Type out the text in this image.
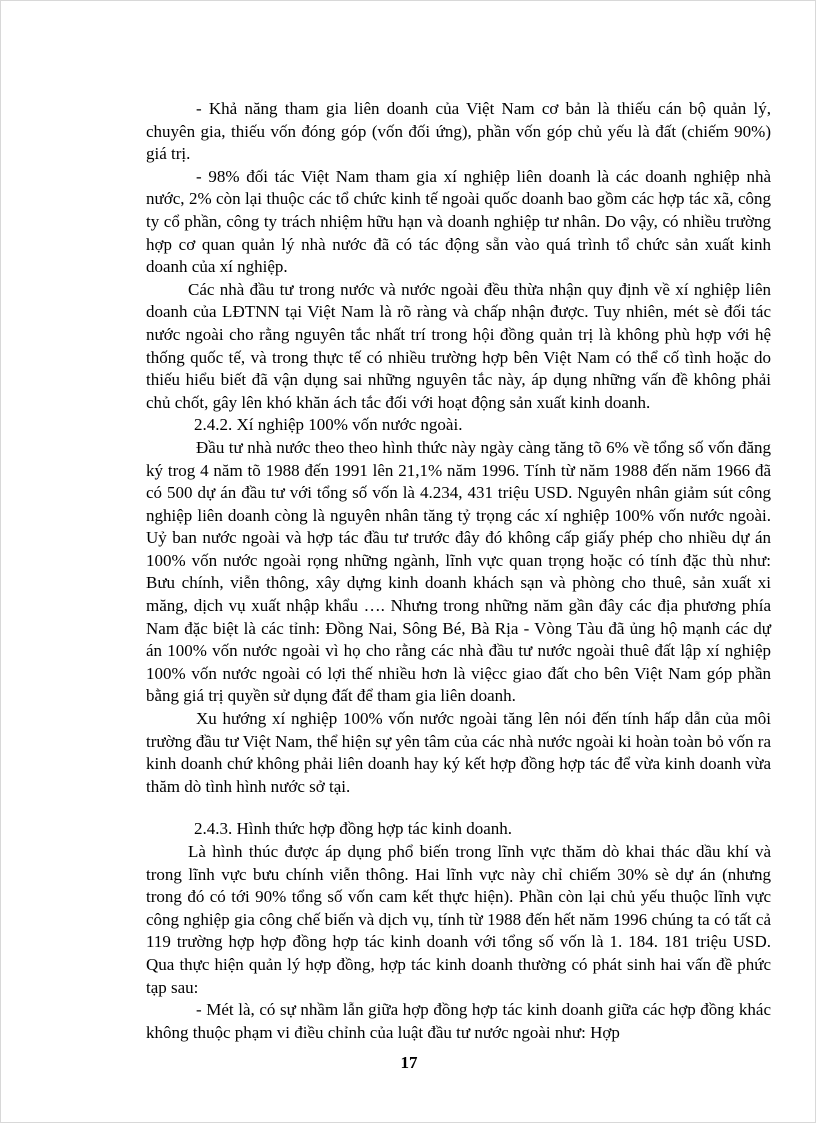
- Khả năng tham gia liên doanh của Việt Nam cơ bản là thiếu cán bộ quản lý, chuyên gia, thiếu vốn đóng góp (vốn đối ứng), phần vốn góp chủ yếu là đất (chiếm 90%) giá trị.

- 98% đối tác Việt Nam tham gia xí nghiệp liên doanh là các doanh nghiệp nhà nước, 2% còn lại thuộc các tổ chức kinh tế ngoài quốc doanh bao gồm các hợp tác xã, công ty cổ phần, công ty trách nhiệm hữu hạn và doanh nghiệp tư nhân. Do vậy, có nhiều trường hợp cơ quan quản lý nhà nước đã có tác động sẵn vào quá trình tổ chức sản xuất kinh doanh của xí nghiệp.

Các nhà đầu tư trong nước và nước ngoài đều thừa nhận quy định về xí nghiệp liên doanh của LĐTNN tại Việt Nam là rõ ràng và chấp nhận được. Tuy nhiên, mét sè đối tác nước ngoài cho rằng nguyên tắc nhất trí trong hội đồng quản trị là không phù hợp với hệ thống quốc tế, và trong thực tế có nhiều trường hợp bên Việt Nam có thể cố tình hoặc do thiếu hiểu biết đã vận dụng sai những nguyên tắc này, áp dụng những vấn đề không phải chủ chốt, gây lên khó khăn ách tắc đối với hoạt động sản xuất kinh doanh.

2.4.2. Xí nghiệp 100% vốn nước ngoài.

Đầu tư nhà nước theo theo hình thức này ngày càng tăng tõ 6% về tổng số vốn đăng ký trog 4 năm tõ 1988 đến 1991 lên 21,1% năm 1996. Tính từ năm 1988 đến năm 1966 đã có 500 dự án đầu tư với tổng số vốn là 4.234, 431 triệu USD. Nguyên nhân giảm sút công nghiệp liên doanh còng là nguyên nhân tăng tỷ trọng các xí nghiệp 100% vốn nước ngoài. Uỷ ban nước ngoài và hợp tác đầu tư trước đây đó không cấp giấy phép cho nhiều dự án 100% vốn nước ngoài rọng những ngành, lĩnh vực quan trọng hoặc có tính đặc thù như: Bưu chính, viễn thông, xây dựng kinh doanh khách sạn và phòng cho thuê, sản xuất xi măng, dịch vụ xuất nhập khẩu …. Nhưng trong những năm gần đây các địa phương phía Nam đặc biệt là các tỉnh: Đồng Nai, Sông Bé, Bà Rịa - Vòng Tàu đã ủng hộ mạnh các dự án 100% vốn nước ngoài vì họ cho rằng các nhà đầu tư nước ngoài thuê đất lập xí nghiệp 100% vốn nước ngoài có lợi thế nhiều hơn là việcc giao đất cho bên Việt Nam góp phần bằng giá trị quyền sử dụng đất để tham gia liên doanh.

Xu hướng xí nghiệp 100% vốn nước ngoài tăng lên nói đến tính hấp dẫn của môi trường đầu tư Việt Nam, thể hiện sự yên tâm của các nhà nước ngoài ki hoàn toàn bỏ vốn ra kinh doanh chứ không phải liên doanh hay ký kết hợp đồng hợp tác để vừa kinh doanh vừa thăm dò tình hình nước sở tại.

2.4.3. Hình thức hợp đồng hợp tác kinh doanh.

Là hình thúc được áp dụng phổ biến trong lĩnh vực thăm dò khai thác dầu khí và trong lĩnh vực bưu chính viễn thông. Hai lĩnh vực này chỉ chiếm 30% sè dự án (nhưng trong đó có tới 90% tổng số vốn cam kết thực hiện). Phần còn lại chủ yếu thuộc lĩnh vực công nghiệp gia công chế biến và dịch vụ, tính từ 1988 đến hết năm 1996 chúng ta có tất cả 119 trường hợp hợp đồng hợp tác kinh doanh với tổng số vốn là 1. 184. 181 triệu USD. Qua thực hiện quản lý hợp đồng, hợp tác kinh doanh thường có phát sinh hai vấn đề phức tạp sau:

- Mét là, có sự nhầm lẫn giữa hợp đồng hợp tác kinh doanh giữa các hợp đồng khác không thuộc phạm vi điều chỉnh của luật đầu tư nước ngoài như: Hợp

17
